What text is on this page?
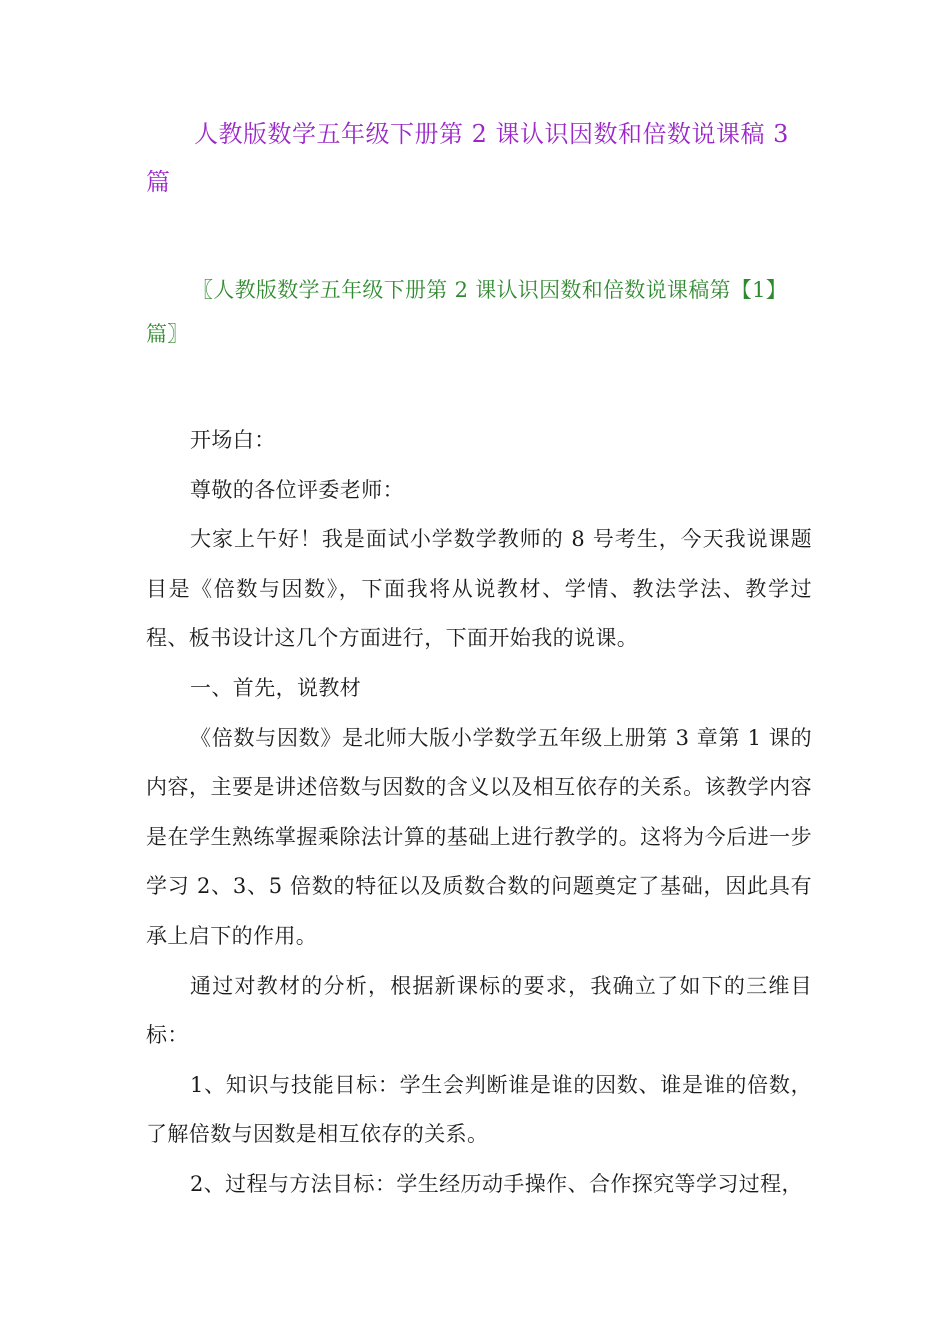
人教版数学五年级下册第 2 课认识因数和倍数说课稿 3 篇
〖人教版数学五年级下册第 2 课认识因数和倍数说课稿第【1】篇〗

开场白：

尊敬的各位评委老师：

大家上午好！我是面试小学数学教师的 8 号考生，今天我说课题目是《倍数与因数》，下面我将从说教材、学情、教法学法、教学过程、板书设计这几个方面进行，下面开始我的说课。

一、首先，说教材

《倍数与因数》是北师大版小学数学五年级上册第 3 章第 1 课的内容，主要是讲述倍数与因数的含义以及相互依存的关系。该教学内容是在学生熟练掌握乘除法计算的基础上进行教学的。这将为今后进一步学习 2、3、5 倍数的特征以及质数合数的问题奠定了基础，因此具有承上启下的作用。

通过对教材的分析，根据新课标的要求，我确立了如下的三维目标：

1、知识与技能目标：学生会判断谁是谁的因数、谁是谁的倍数，了解倍数与因数是相互依存的关系。

2、过程与方法目标：学生经历动手操作、合作探究等学习过程，
